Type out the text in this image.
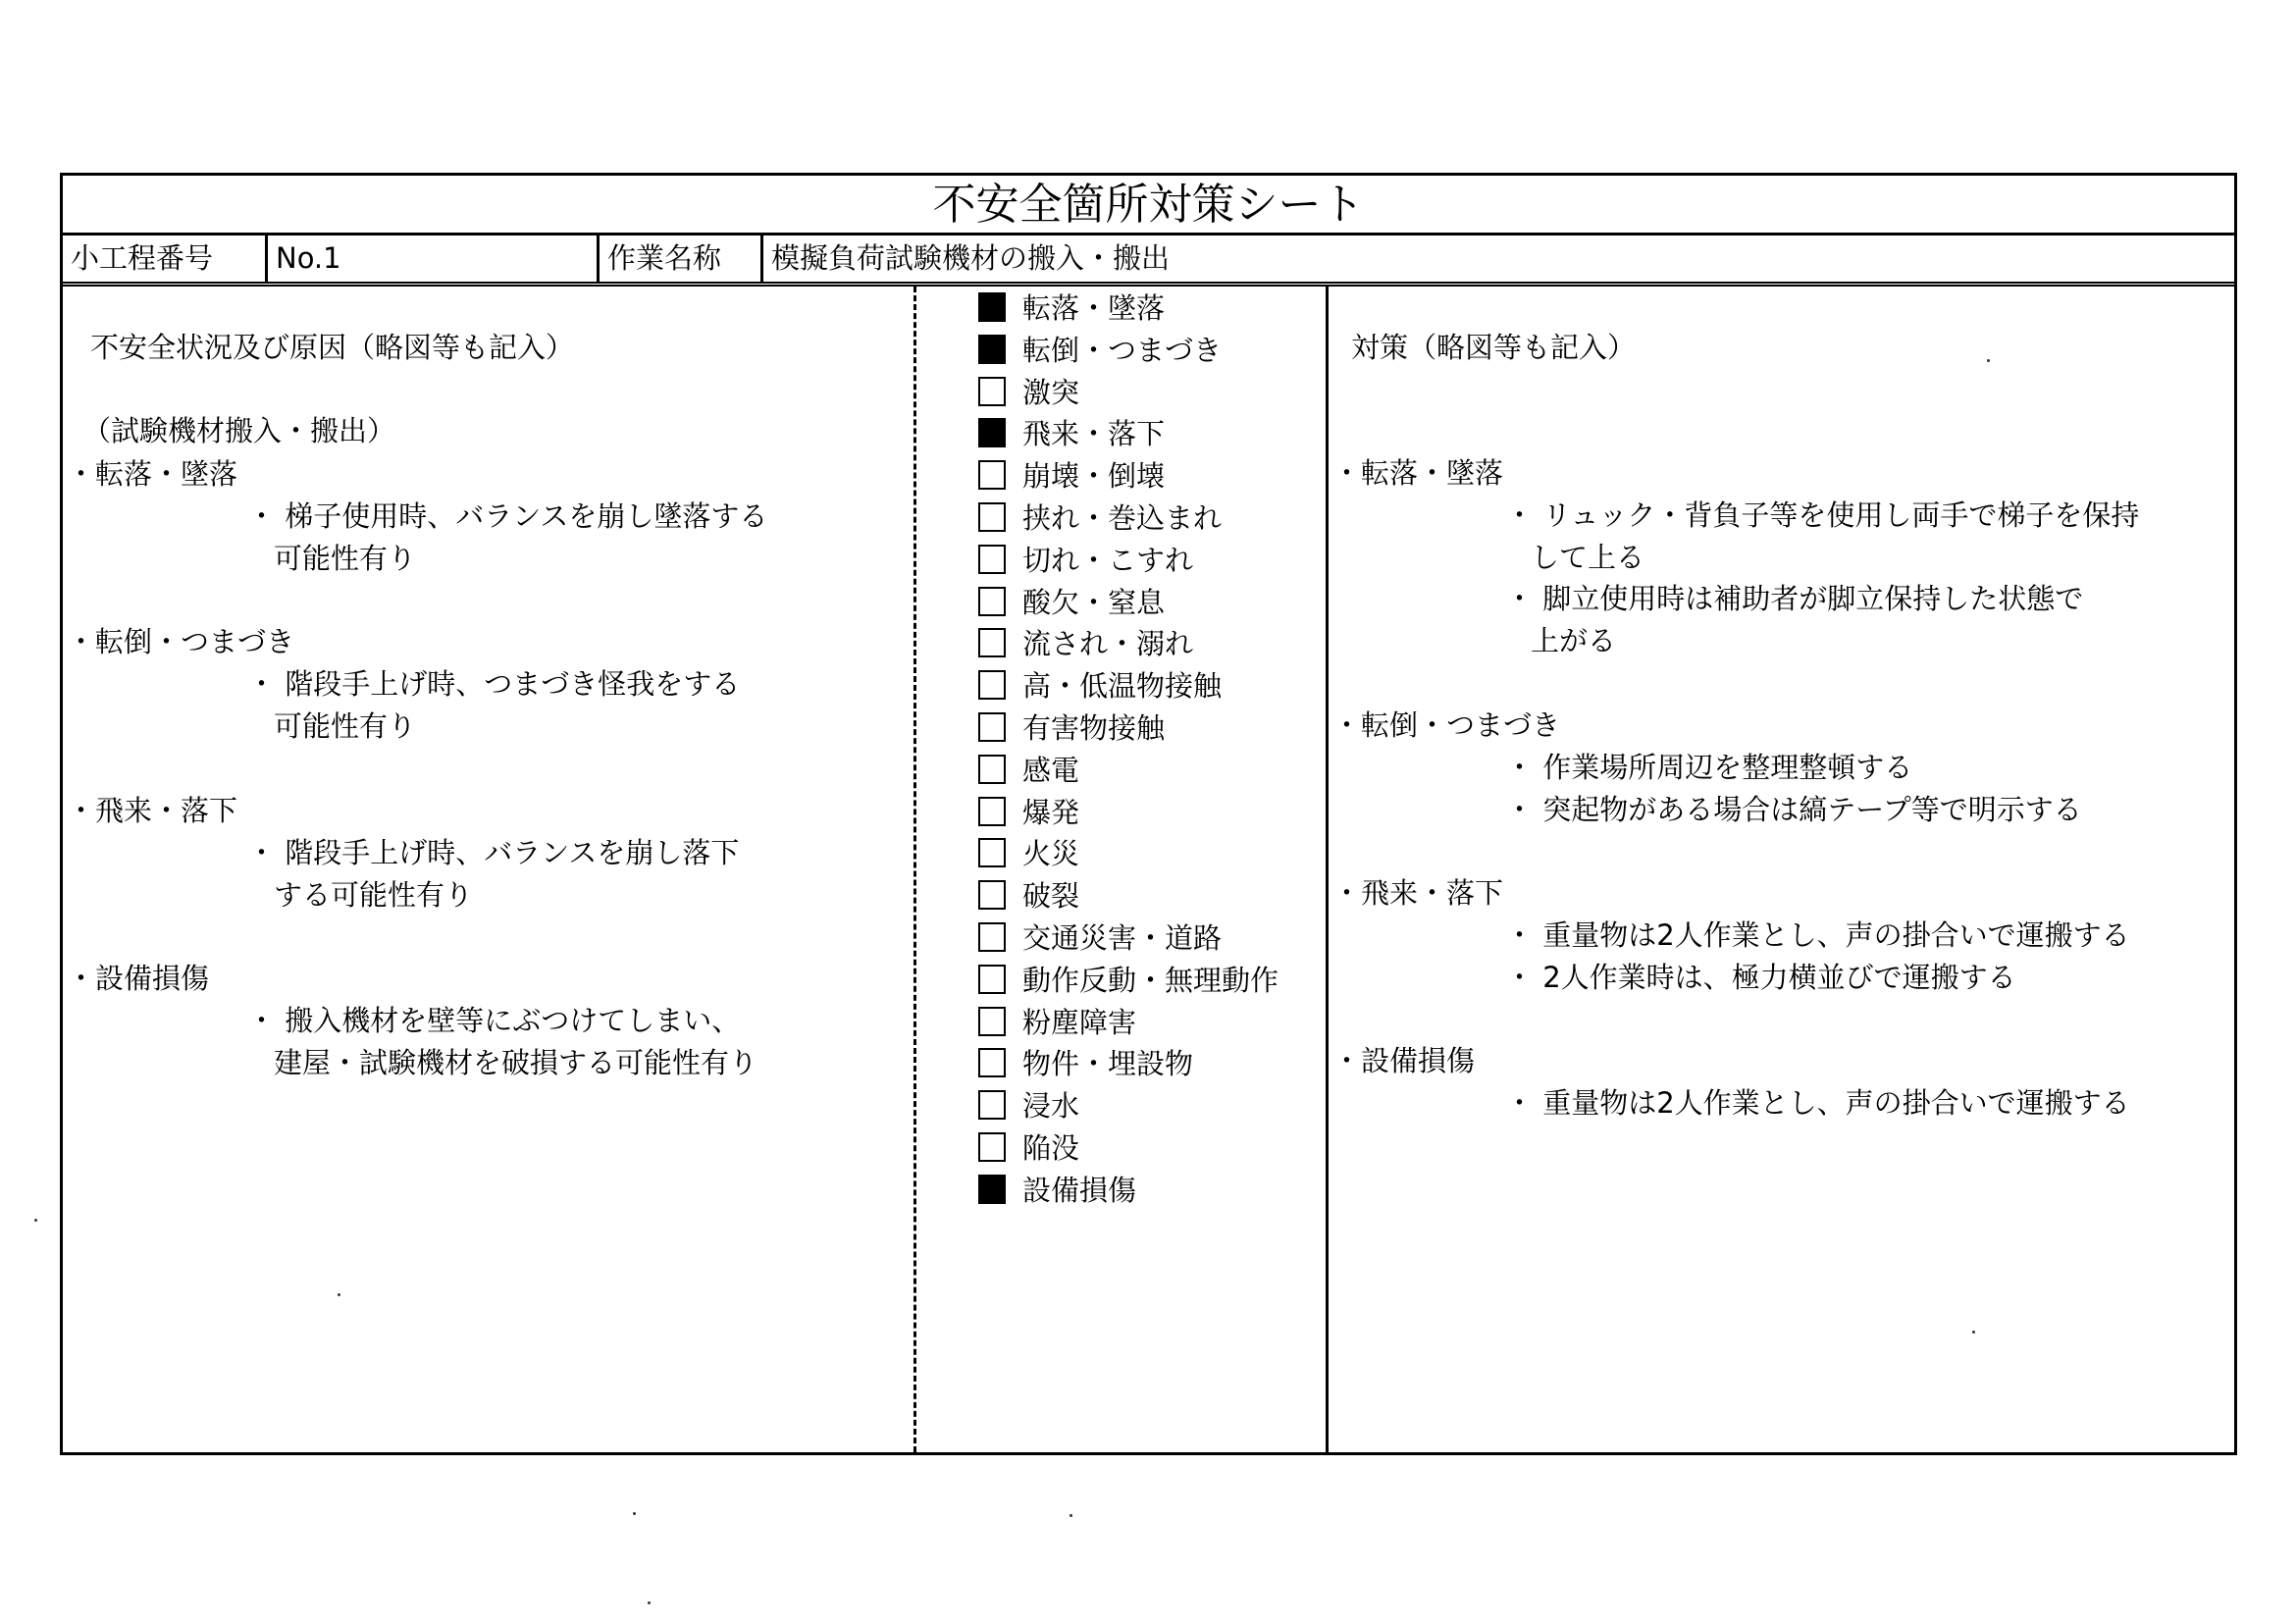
不安全箇所対策シート
小工程番号	No.1	作業名称	模擬負荷試験機材の搬入・搬出
不安全状況及び原因（略図等も記入）
（試験機材搬入・搬出）
・転落・墜落
・ 梯子使用時、バランスを崩し墜落する
可能性有り
・転倒・つまづき
・ 階段手上げ時、つまづき怪我をする
可能性有り
・飛来・落下
・ 階段手上げ時、バランスを崩し落下
する可能性有り
・設備損傷
・ 搬入機材を壁等にぶつけてしまい、
建屋・試験機材を破損する可能性有り
転落・墜落
転倒・つまづき
激突
飛来・落下
崩壊・倒壊
挟れ・巻込まれ
切れ・こすれ
酸欠・窒息
流され・溺れ
高・低温物接触
有害物接触
感電
爆発
火災
破裂
交通災害・道路
動作反動・無理動作
粉塵障害
物件・埋設物
浸水
陥没
設備損傷
対策（略図等も記入）
・転落・墜落
・ リュック・背負子等を使用し両手で梯子を保持
して上る
・ 脚立使用時は補助者が脚立保持した状態で
上がる
・転倒・つまづき
・ 作業場所周辺を整理整頓する
・ 突起物がある場合は縞テープ等で明示する
・飛来・落下
・ 重量物は2人作業とし、声の掛合いで運搬する
・ 2人作業時は、極力横並びで運搬する
・設備損傷
・ 重量物は2人作業とし、声の掛合いで運搬する
